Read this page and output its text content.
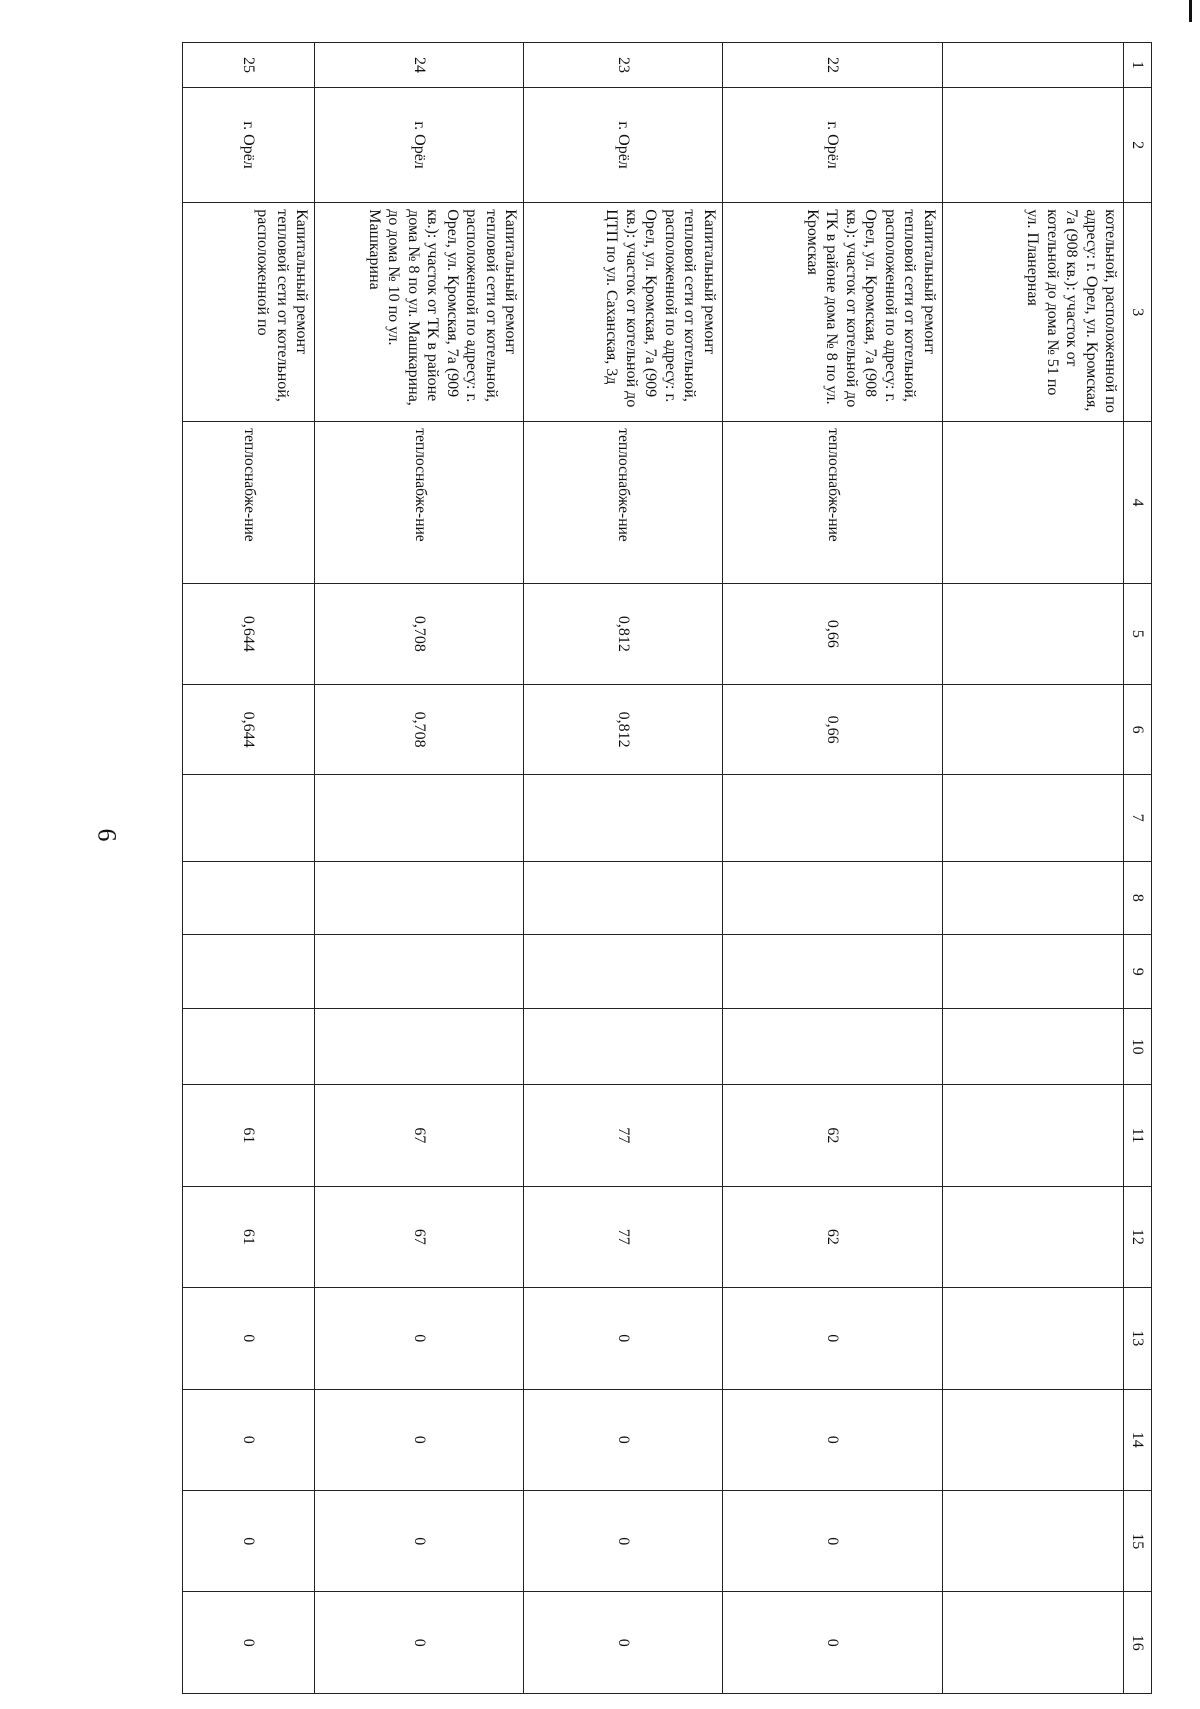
6
1	2	3	4	5	6	7	8	9	10	11	12	13	14	15	16
		котельной, расположенной по адресу: г. Орел, ул. Кромская, 7а (908 кв.): участок от котельной до дома № 51 по ул. Планерная													
22	г. Орёл	Капитальный ремонт тепловой сети от котельной, расположенной по адресу: г. Орел, ул. Кромская, 7а (908 кв.): участок от котельной до ТК в районе дома № 8 по ул. Кромская	теплоснабже-ние	0,66	0,66					62	62	0	0	0	0
23	г. Орёл	Капитальный ремонт тепловой сети от котельной, расположенной по адресу: г. Орел, ул. Кромская, 7а (909 кв.): участок от котельной до ЦТП по ул. Саханская, 3д	теплоснабже-ние	0,812	0,812					77	77	0	0	0	0
24	г. Орёл	Капитальный ремонт тепловой сети от котельной, расположенной по адресу: г. Орел, ул. Кромская, 7а (909 кв.): участок от ТК в районе дома № 8 по ул. Машкарина, до дома № 10 по ул. Машкарина	теплоснабже-ние	0,708	0,708					67	67	0	0	0	0
25	г. Орёл	Капитальный ремонт тепловой сети от котельной, расположенной по	теплоснабже-ние	0,644	0,644					61	61	0	0	0	0
